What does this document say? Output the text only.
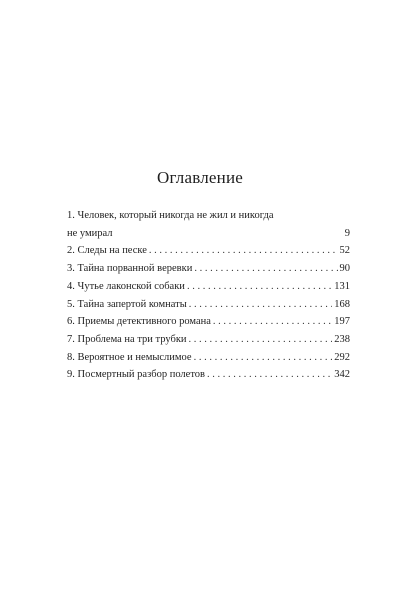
Оглавление
1. Человек, который никогда не жил и никогда
не умирал	9
2. Следы на песке . . .	52
3. Тайна порванной веревки . . .	90
4. Чутье лаконской собаки . . .	131
5. Тайна запертой комнаты . . .	168
6. Приемы детективного романа . . .	197
7. Проблема на три трубки . . .	238
8. Вероятное и немыслимое . . .	292
9. Посмертный разбор полетов . . .	342
